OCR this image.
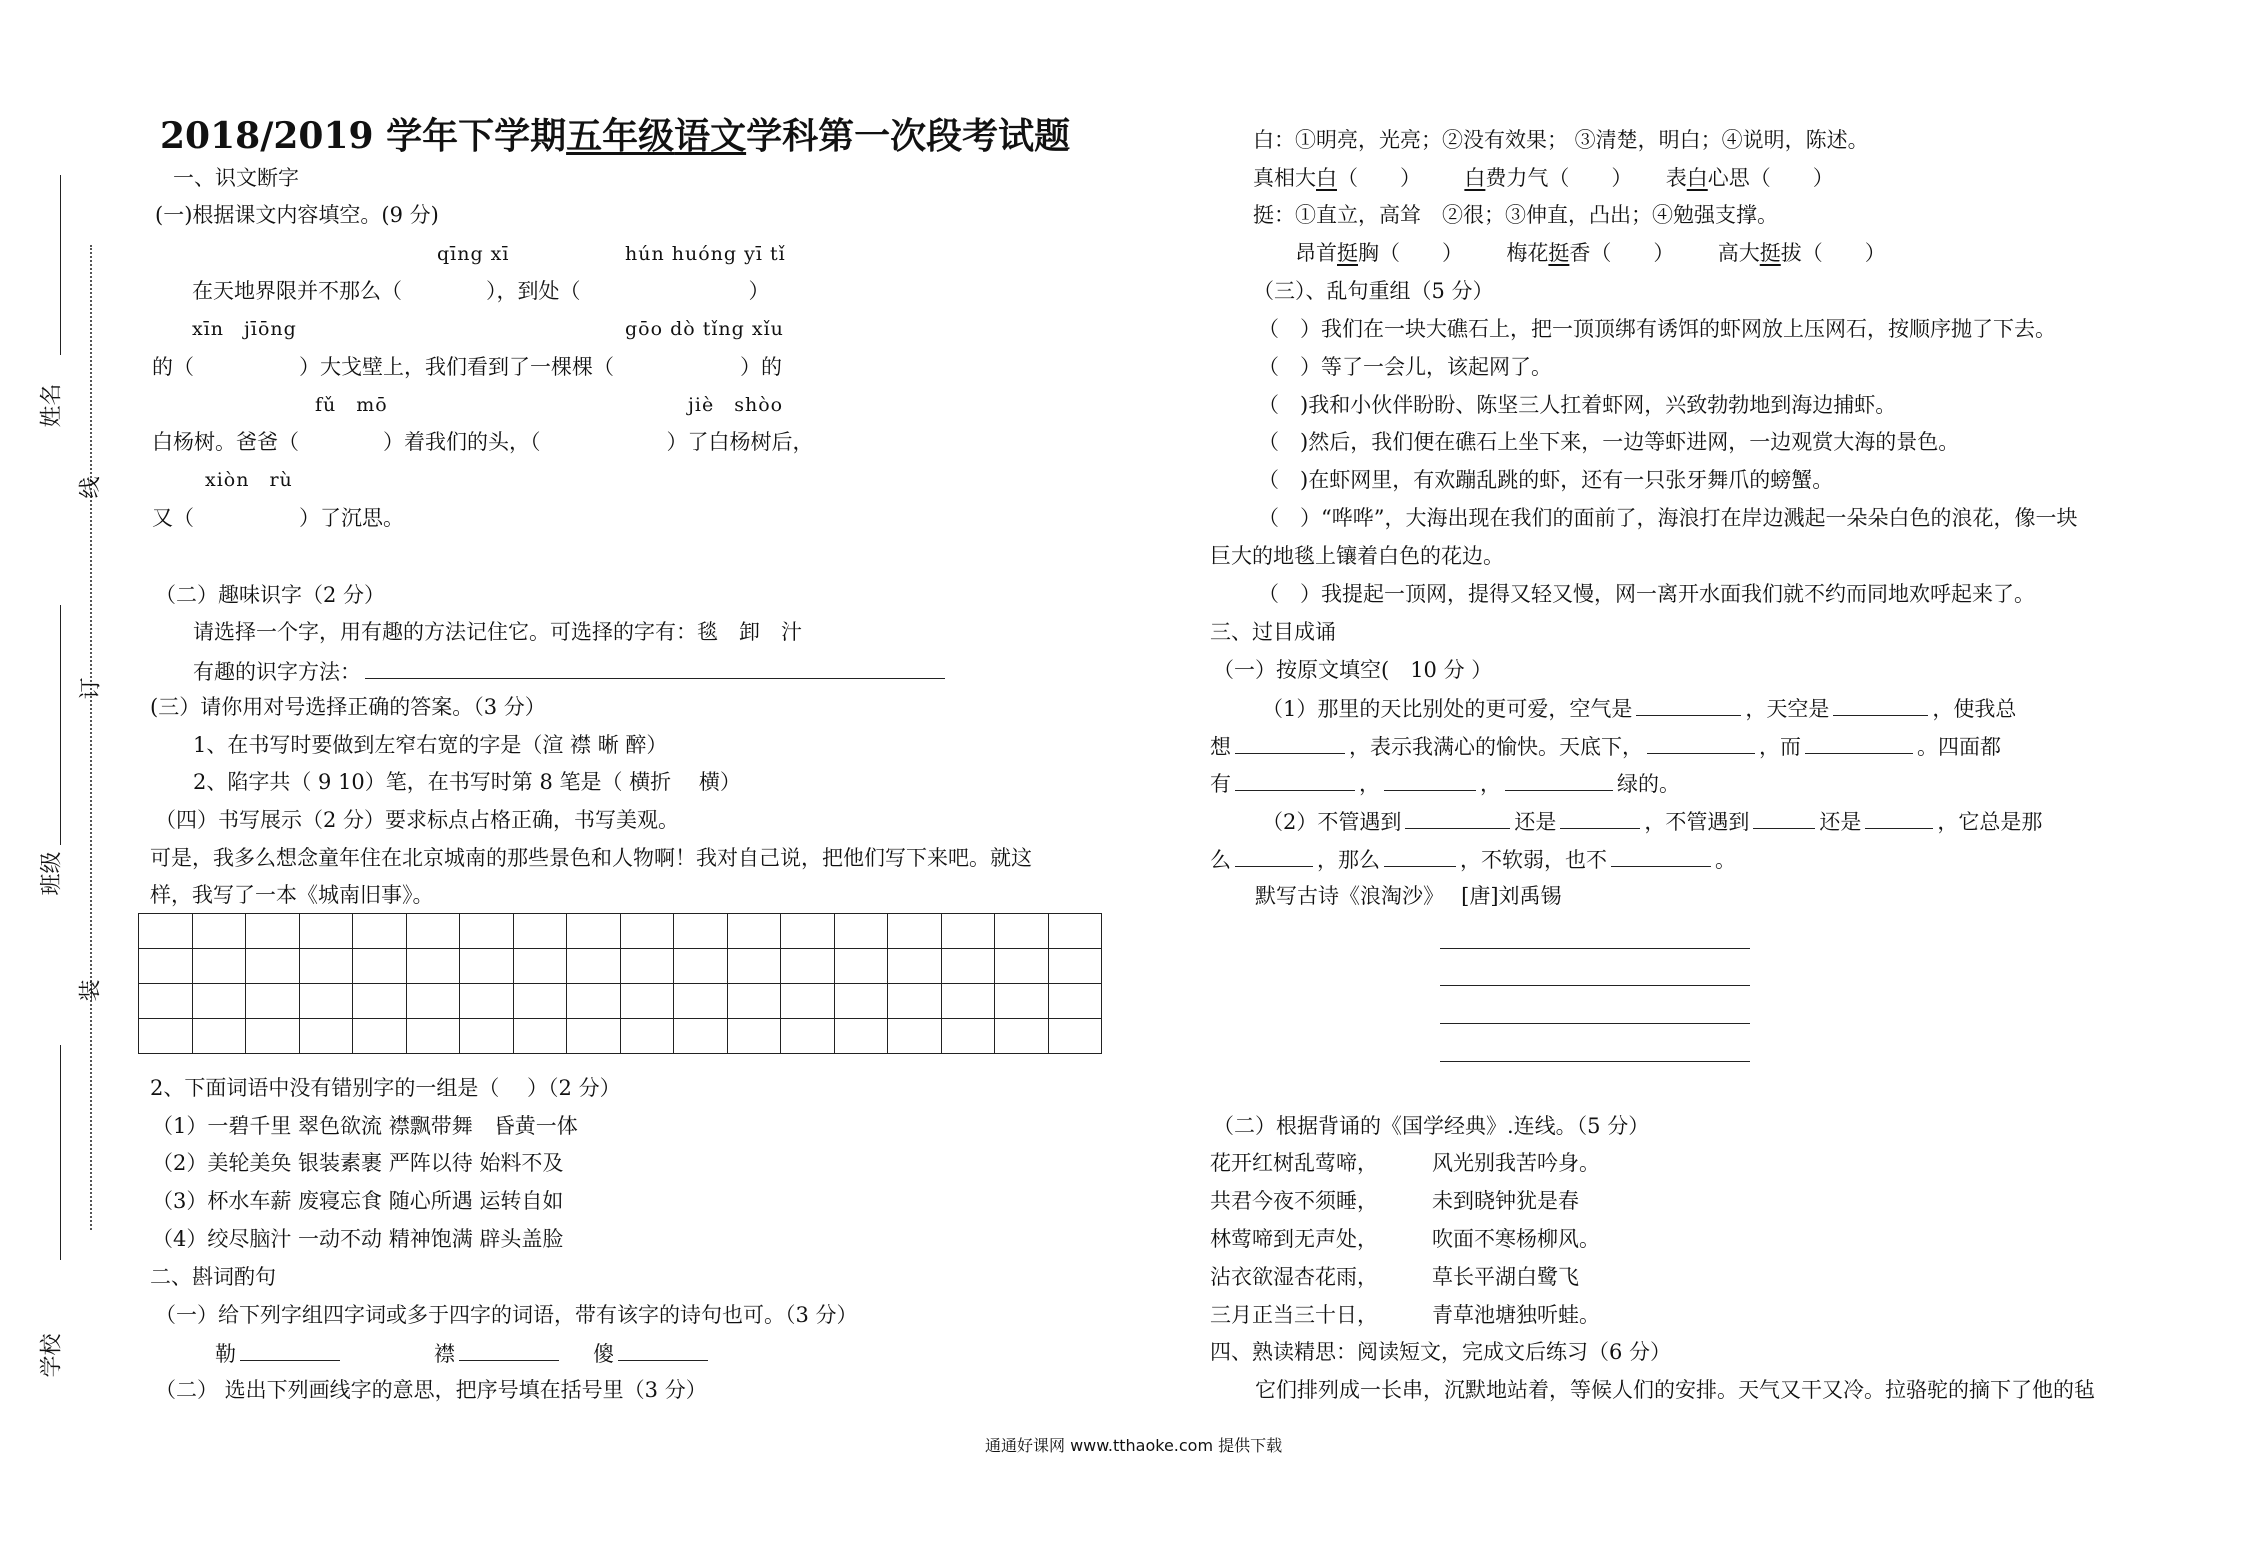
姓名
班级
学校
线
订
装
2018/2019 学年下学期五年级语文学科第一次段考试题
一、识文断字
(一)根据课文内容填空。(9 分)
qīng xī	hún huóng yī tǐ
在天地界限并不那么（　　　　），到处（　　　　　　　　）
xīn　jīōng	gōo dò tǐng xǐu
的（　　　　　）大戈壁上，我们看到了一棵棵（　　　　　　）的
fǔ　mō	jiè　shòo
白杨树。爸爸（　　　　）着我们的头，（　　　　　　）了白杨树后，
xiòn　rù
又（　　　　　）了沉思。
（二）趣味识字（2 分）
请选择一个字，用有趣的方法记住它。可选择的字有：毯　卸　汁
有趣的识字方法：
(三）请你用对号选择正确的答案。（3 分）
1、在书写时要做到左窄右宽的字是（渲 襟 晰 醉）
2、陷字共（ 9 10）笔，在书写时第 8 笔是（ 横折　 横）
（四）书写展示（2 分）要求标点占格正确，书写美观。
可是，我多么想念童年住在北京城南的那些景色和人物啊！我对自己说，把他们写下来吧。就这
样，我写了一本《城南旧事》。

2、下面词语中没有错别字的一组是（　 ）（2 分）
（1）一碧千里 翠色欲流 襟飘带舞　昏黄一体
（2）美轮美奂 银装素裹 严阵以待 始料不及
（3）杯水车薪 废寝忘食 随心所遇 运转自如
（4）绞尽脑汁 一动不动 精神饱满 辟头盖脸
二、斟词酌句
（一）给下列字组四字词或多于四字的词语，带有该字的诗句也可。（3 分）
勒	襟	傻
（二） 选出下列画线字的意思，把序号填在括号里（3 分）
白：①明亮，光亮；②没有效果； ③清楚，明白；④说明，陈述。
真相大白（　　） 白费力气（　　） 表白心思（　　）
挺：①直立，高耸　②很；③伸直，凸出；④勉强支撑。
昂首挺胸（　　） 梅花挺香（　　） 高大挺拔（　　）
（三）、乱句重组（5 分）
（　）我们在一块大礁石上，把一顶顶绑有诱饵的虾网放上压网石，按顺序抛了下去。
（　）等了一会儿，该起网了。
（　)我和小伙伴盼盼、陈坚三人扛着虾网，兴致勃勃地到海边捕虾。
（　)然后，我们便在礁石上坐下来，一边等虾进网，一边观赏大海的景色。
（　)在虾网里，有欢蹦乱跳的虾，还有一只张牙舞爪的螃蟹。
（　）“哗哗”，大海出现在我们的面前了，海浪打在岸边溅起一朵朵白色的浪花，像一块
巨大的地毯上镶着白色的花边。
（　）我提起一顶网，提得又轻又慢，网一离开水面我们就不约而同地欢呼起来了。
三、过目成诵
（一）按原文填空(　10 分 ）
（1）那里的天比别处的更可爱，空气是	，天空是	，使我总
想	，表示我满心的愉快。天底下，	，而	。四面都
有	，	，	绿的。
（2）不管遇到	还是	，不管遇到	还是	，它总是那
么	，那么	，不软弱，也不	。
默写古诗《浪淘沙》　 [唐]刘禹锡
（二）根据背诵的《国学经典》.连线。（5 分）
花开红树乱莺啼，	风光别我苦吟身。
共君今夜不须睡，	未到晓钟犹是春
林莺啼到无声处，	吹面不寒杨柳风。
沾衣欲湿杏花雨，	草长平湖白鹭飞
三月正当三十日，	青草池塘独听蛙。
四、熟读精思：阅读短文，完成文后练习（6 分）
它们排列成一长串，沉默地站着，等候人们的安排。天气又干又冷。拉骆驼的摘下了他的毡
通通好课网 www.tthaoke.com 提供下载
